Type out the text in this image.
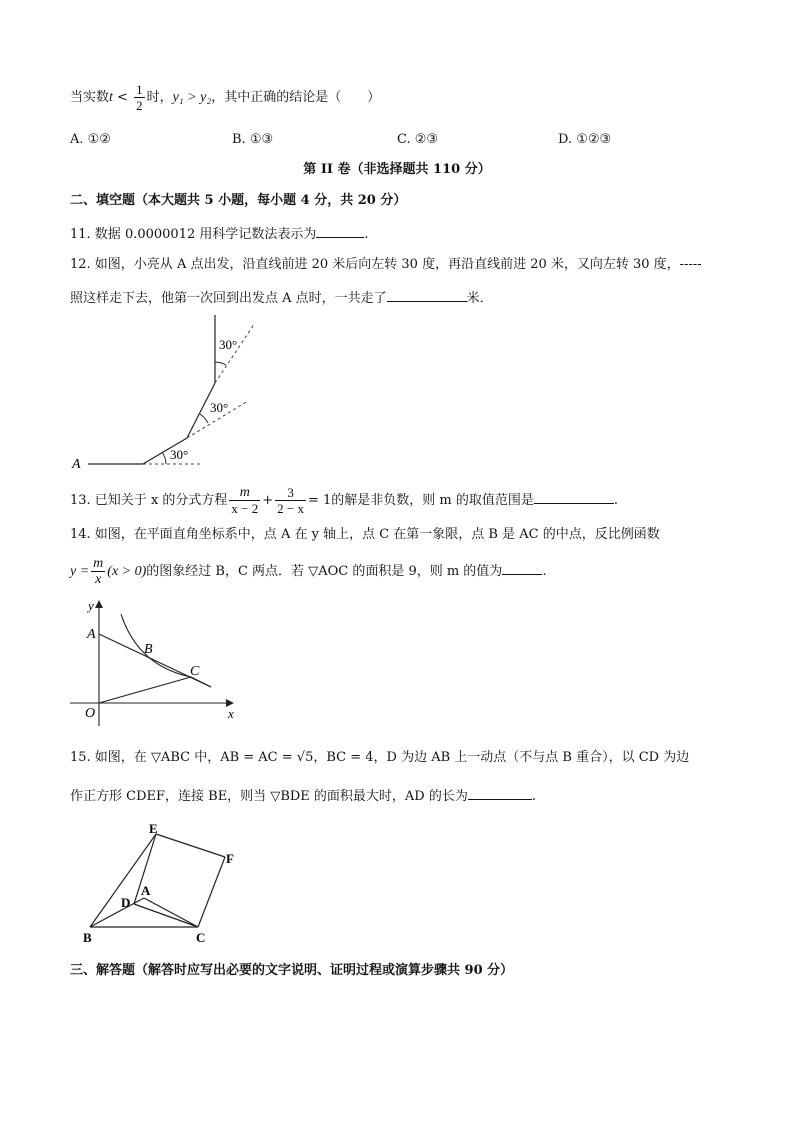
当实数$t < \frac{1}{2}$ 时，y₁ > y₂，其中正确的结论是（　　）
A. ①②	B. ①③	C. ②③	D. ①②③
第 II 卷（非选择题共 110 分）
二、填空题（本大题共 5 小题，每小题 4 分，共 20 分）
11. 数据 0.0000012 用科学记数法表示为	.
12. 如图，小亮从 A 点出发，沿直线前进 20 米后向左转 30 度，再沿直线前进 20 米，又向左转 30 度，-----
照这样走下去，他第一次回到出发点 A 点时，一共走了	米．
30°
30°
30°
A
13. 已知关于 x 的分式方程 $\frac{m}{x - 2} + \frac{3}{2 - x} = 1$的解是非负数，则 m 的取值范围是	.
14. 如图，在平面直角坐标系中，点 A 在 y 轴上，点 C 在第一象限，点 B 是 AC 的中点，反比例函数
$y = \frac{m}{x} (x > 0)$的图象经过 B，C 两点．若 ▽AOC 的面积是 9，则 m 的值为	.
y
x
O
A
B
C
15. 如图，在 ▽ABC 中，AB = AC = √5，BC = 4，D 为边 AB 上一动点（不与点 B 重合），以 CD 为边
作正方形 CDEF，连接 BE，则当 ▽BDE 的面积最大时，AD 的长为	.
E
F
A
D
B	C
三、解答题（解答时应写出必要的文字说明、证明过程或演算步骤共 90 分）
